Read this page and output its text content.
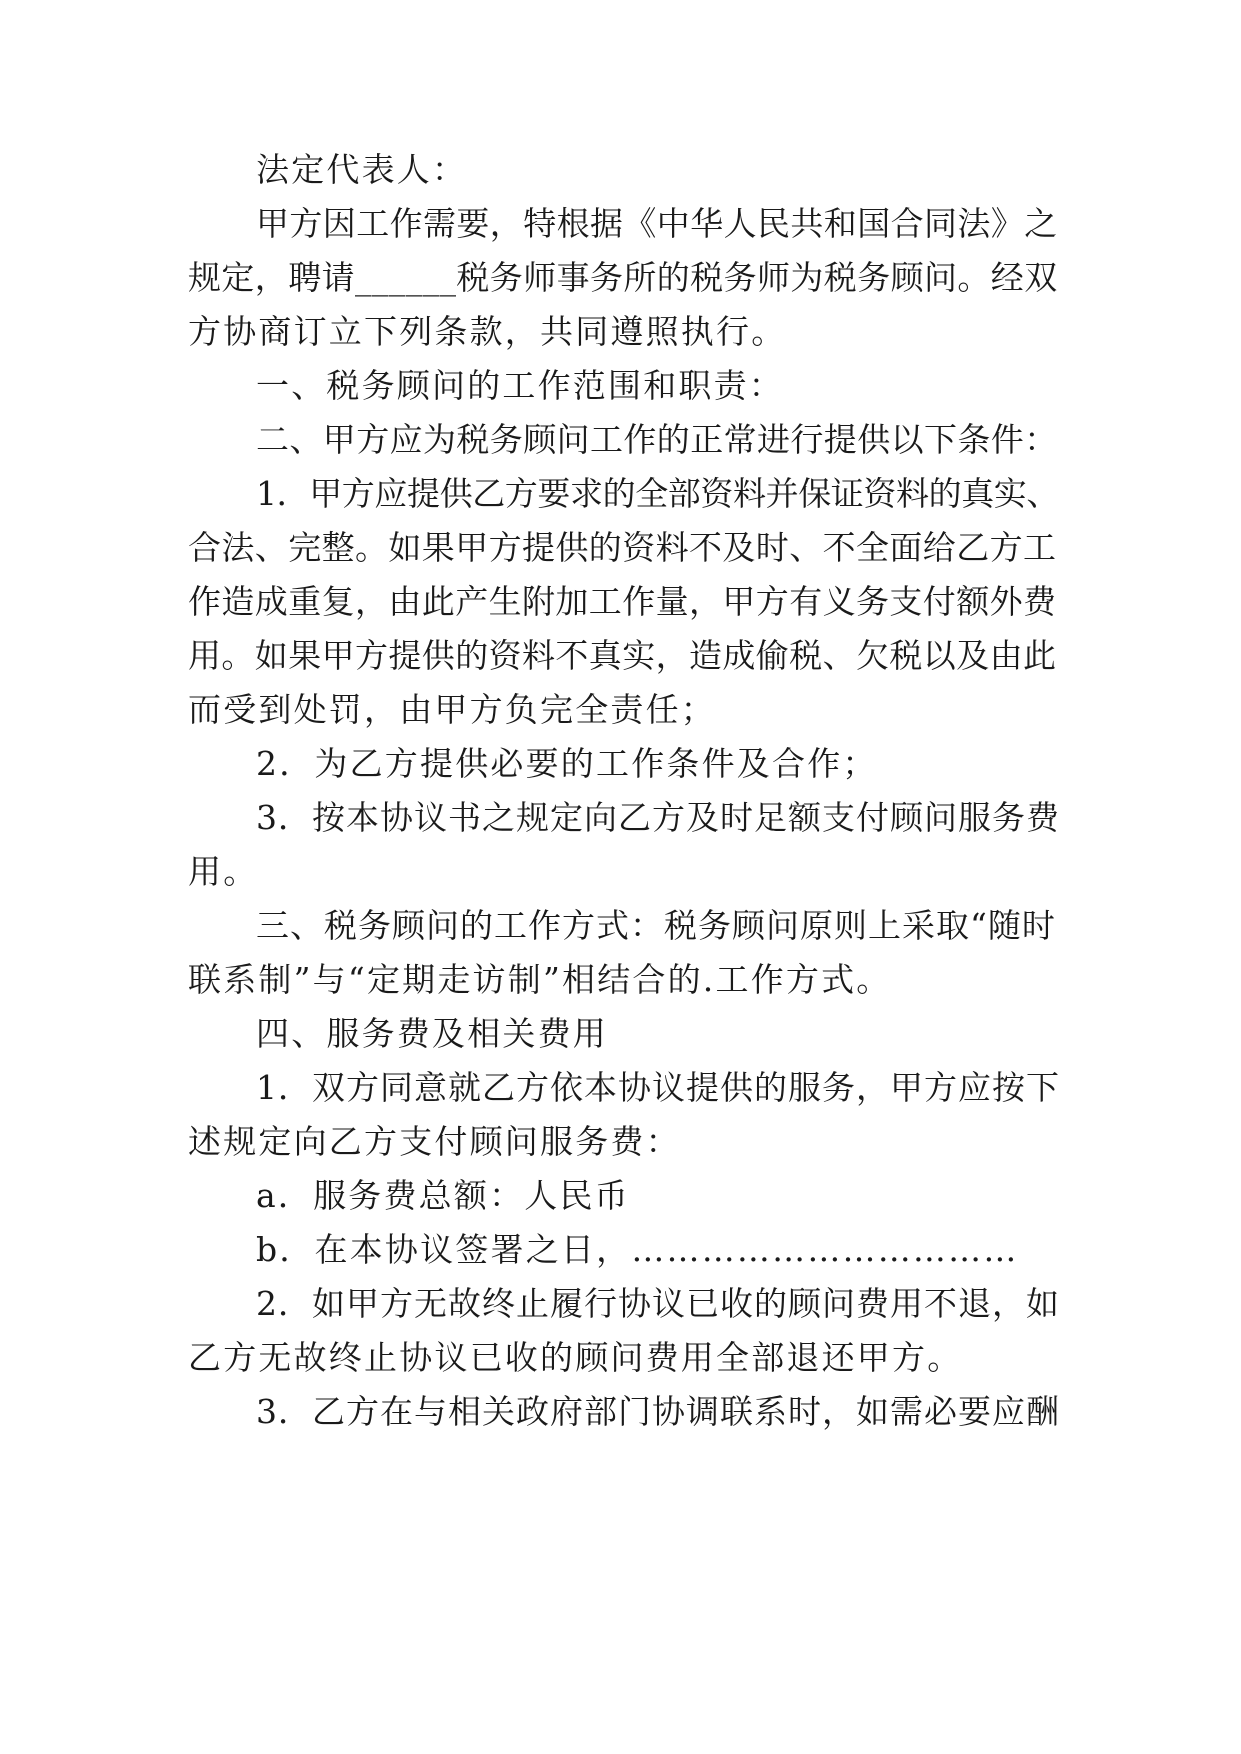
法定代表人：
甲方因工作需要，特根据《中华人民共和国合同法》之
规定，聘请______税务师事务所的税务师为税务顾问。经双
方协商订立下列条款，共同遵照执行。
一、税务顾问的工作范围和职责：
二、甲方应为税务顾问工作的正常进行提供以下条件：
1．甲方应提供乙方要求的全部资料并保证资料的真实、
合法、完整。如果甲方提供的资料不及时、不全面给乙方工
作造成重复，由此产生附加工作量，甲方有义务支付额外费
用。如果甲方提供的资料不真实，造成偷税、欠税以及由此
而受到处罚，由甲方负完全责任；
2．为乙方提供必要的工作条件及合作；
3．按本协议书之规定向乙方及时足额支付顾问服务费
用。
三、税务顾问的工作方式：税务顾问原则上采取“随时
联系制”与“定期走访制”相结合的.工作方式。
四、服务费及相关费用
1．双方同意就乙方依本协议提供的服务，甲方应按下
述规定向乙方支付顾问服务费：
a．服务费总额：人民币
b．在本协议签署之日，……………………………
2．如甲方无故终止履行协议已收的顾问费用不退，如
乙方无故终止协议已收的顾问费用全部退还甲方。
3．乙方在与相关政府部门协调联系时，如需必要应酬
